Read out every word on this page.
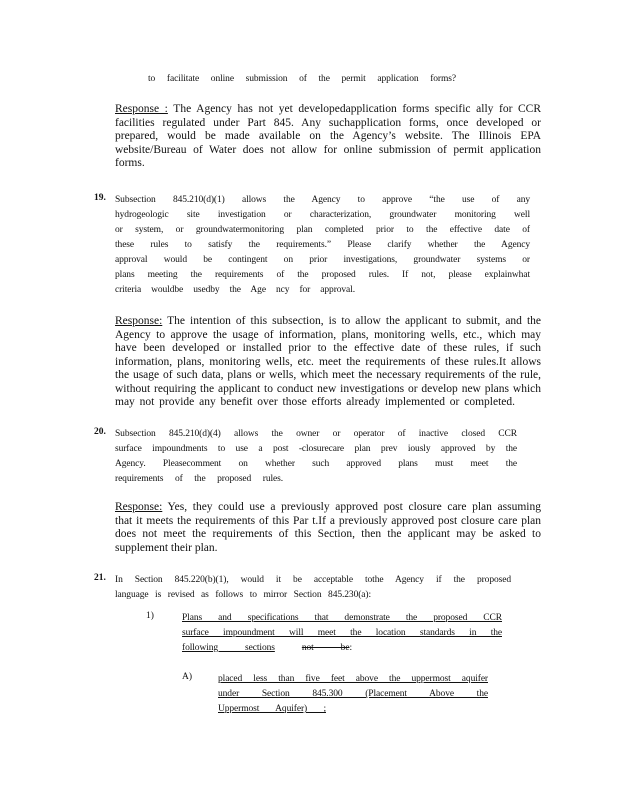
to facilitate online submission of the permit application forms?
Response : The Agency has not yet developedapplication forms specific ally for CCR
facilities regulated under Part 845. Any suchapplication forms, once developed or
prepared, would be made available on the Agency’s website. The Illinois EPA
website/Bureau of Water does not allow for online submission of permit application
forms.
19. Subsection 845.210(d)(1) allows the Agency to approve “the use of any
hydrogeologic site investigation or characterization, groundwater monitoring well
or system, or groundwatermonitoring plan completed prior to the effective date of
these rules to satisfy the requirements.” Please clarify whether the Agency
approval would be contingent on prior investigations, groundwater systems or
plans meeting the requirements of the proposed rules. If not, please explainwhat
criteria wouldbe usedby the Age ncy for approval.
Response: The intention of this subsection, is to allow the applicant to submit, and the
Agency to approve the usage of information, plans, monitoring wells, etc., which may
have been developed or installed prior to the effective date of these rules, if such
information, plans, monitoring wells, etc. meet the requirements of these rules.It allows
the usage of such data, plans or wells, which meet the necessary requirements of the rule,
without requiring the applicant to conduct new investigations or develop new plans which
may not provide any benefit over those efforts already implemented or completed.
20. Subsection 845.210(d)(4) allows the owner or operator of inactive closed CCR
surface impoundments to use a post -closurecare plan prev iously approved by the
Agency. Pleasecomment on whether such approved plans must meet the
requirements of the proposed rules.
Response: Yes, they could use a previously approved post closure care plan assuming
that it meets the requirements of this Par t.If a previously approved post closure care plan
does not meet the requirements of this Section, then the applicant may be asked to
supplement their plan.
21. In Section 845.220(b)(1), would it be acceptable tothe Agency if the proposed
language is revised as follows to mirror Section 845.230(a):
1)	Plans and specifications that demonstrate the proposed CCR
surface impoundment will meet the location standards in the
following sections	not be:
A)	placed less than five feet above the uppermost aquifer
under Section 845.300 (Placement Above the
Uppermost Aquifer) ;
